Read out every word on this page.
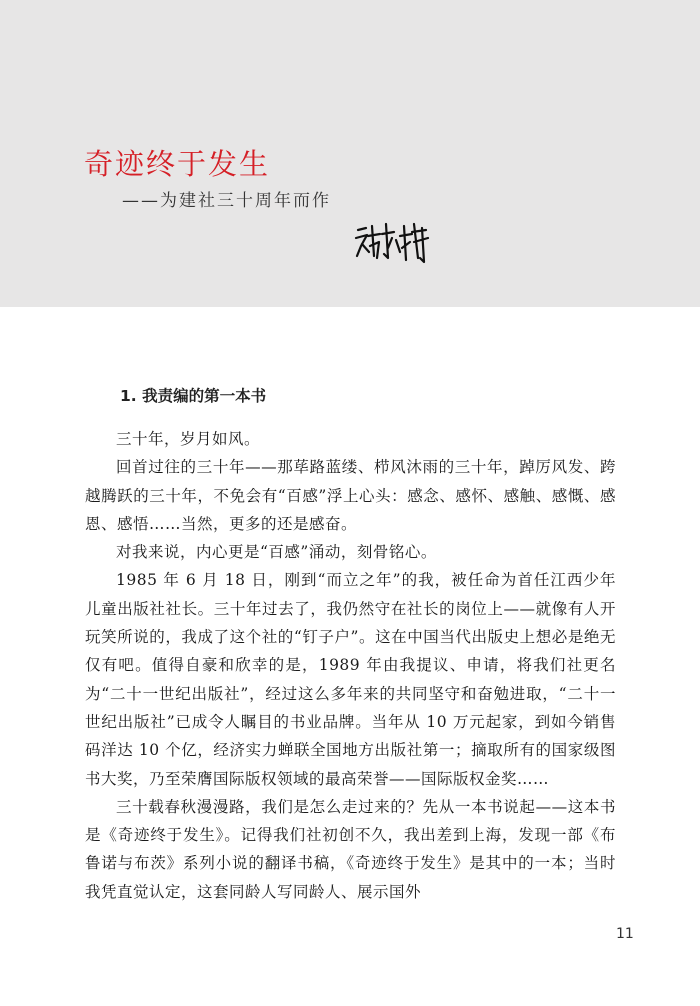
奇迹终于发生
——为建社三十周年而作
1. 我责编的第一本书

三十年，岁月如风。

回首过往的三十年——那荜路蓝缕、栉风沐雨的三十年，踔厉风发、跨越腾跃的三十年，不免会有“百感”浮上心头：感念、感怀、感触、感慨、感恩、感悟……当然，更多的还是感奋。

对我来说，内心更是“百感”涌动，刻骨铭心。

1985 年 6 月 18 日，刚到“而立之年”的我，被任命为首任江西少年儿童出版社社长。三十年过去了，我仍然守在社长的岗位上——就像有人开玩笑所说的，我成了这个社的“钉子户”。这在中国当代出版史上想必是绝无仅有吧。值得自豪和欣幸的是，1989 年由我提议、申请，将我们社更名为“二十一世纪出版社”，经过这么多年来的共同坚守和奋勉进取，“二十一世纪出版社”已成令人瞩目的书业品牌。当年从 10 万元起家，到如今销售码洋达 10 个亿，经济实力蝉联全国地方出版社第一；摘取所有的国家级图书大奖，乃至荣膺国际版权领域的最高荣誉——国际版权金奖……

三十载春秋漫漫路，我们是怎么走过来的？先从一本书说起——这本书是《奇迹终于发生》。记得我们社初创不久，我出差到上海，发现一部《布鲁诺与布茨》系列小说的翻译书稿，《奇迹终于发生》是其中的一本；当时我凭直觉认定，这套同龄人写同龄人、展示国外

11
